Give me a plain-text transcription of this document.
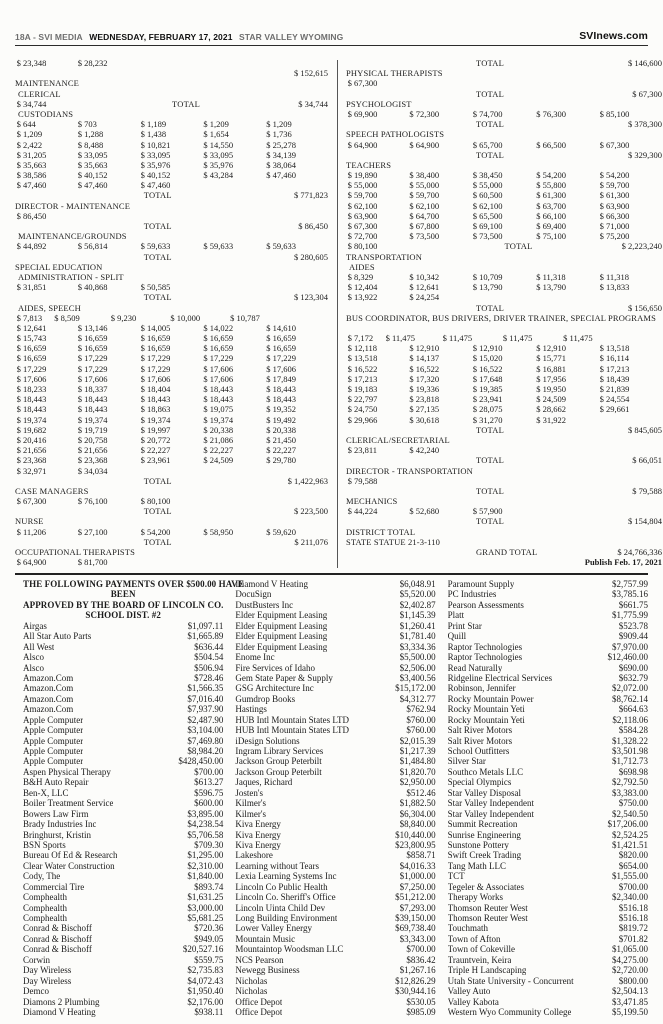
18A - SVI MEDIA WEDNESDAY, FEBRUARY 17, 2021 STAR VALLEY WYOMING	SVInews.com
$ 23,348	$ 28,232
$ 152,615
MAINTENANCE
CLERICAL
$ 34,744	TOTAL	$ 34,744
CUSTODIANS
$ 644	$ 703	$ 1,189	$ 1,209	$ 1,209
$ 1,209	$ 1,288	$ 1,438	$ 1,654	$ 1,736
$ 2,422	$ 8,488	$ 10,821	$ 14,550	$ 25,278
$ 31,205	$ 33,095	$ 33,095	$ 33,095	$ 34,139
$ 35,663	$ 35,663	$ 35,976	$ 35,976	$ 38,064
$ 38,586	$ 40,152	$ 40,152	$ 43,284	$ 47,460
$ 47,460	$ 47,460	$ 47,460
TOTAL	$ 771,823
DIRECTOR - MAINTENANCE
$ 86,450
TOTAL	$ 86,450
MAINTENANCE/GROUNDS
$ 44,892	$ 56,814	$ 59,633	$ 59,633	$ 59,633
TOTAL	$ 280,605
SPECIAL EDUCATION
ADMINISTRATION - SPLIT
$ 31,851	$ 40,868	$ 50,585
TOTAL	$ 123,304
AIDES, SPEECH
$ 7,813 $ 8,509	$ 9,230	$ 10,000	$ 10,787
$ 12,641	$ 13,146	$ 14,005	$ 14,022	$ 14,610
$ 15,743	$ 16,659	$ 16,659	$ 16,659	$ 16,659
$ 16,659	$ 16,659	$ 16,659	$ 16,659	$ 16,659
$ 16,659	$ 17,229	$ 17,229	$ 17,229	$ 17,229
$ 17,229	$ 17,229	$ 17,229	$ 17,606	$ 17,606
$ 17,606	$ 17,606	$ 17,606	$ 17,606	$ 17,849
$ 18,233	$ 18,337	$ 18,404	$ 18,443	$ 18,443
$ 18,443	$ 18,443	$ 18,443	$ 18,443	$ 18,443
$ 18,443	$ 18,443	$ 18,863	$ 19,075	$ 19,352
$ 19,374	$ 19,374	$ 19,374	$ 19,374	$ 19,492
$ 19,682	$ 19,719	$ 19,997	$ 20,338	$ 20,338
$ 20,416	$ 20,758	$ 20,772	$ 21,086	$ 21,450
$ 21,656	$ 21,656	$ 22,227	$ 22,227	$ 22,227
$ 23,368	$ 23,368	$ 23,961	$ 24,509	$ 29,780
$ 32,971	$ 34,034
TOTAL	$ 1,422,963
CASE MANAGERS
$ 67,300	$ 76,100	$ 80,100
TOTAL	$ 223,500
NURSE
$ 11,206	$ 27,100	$ 54,200	$ 58,950	$ 59,620
TOTAL	$ 211,076
OCCUPATIONAL THERAPISTS
$ 64,900	$ 81,700
TOTAL	$ 146,600
PHYSICAL THERAPISTS
$ 67,300
TOTAL	$ 67,300
PSYCHOLOGIST
$ 69,900	$ 72,300	$ 74,700	$ 76,300	$ 85,100
TOTAL	$ 378,300
SPEECH PATHOLOGISTS
$ 64,900	$ 64,900	$ 65,700	$ 66,500	$ 67,300
TOTAL	$ 329,300
TEACHERS
$ 19,890	$ 38,400	$ 38,450	$ 54,200	$ 54,200
$ 55,000	$ 55,000	$ 55,000	$ 55,800	$ 59,700
$ 59,700	$ 59,700	$ 60,500	$ 61,300	$ 61,300
$ 62,100	$ 62,100	$ 62,100	$ 63,700	$ 63,900
$ 63,900	$ 64,700	$ 65,500	$ 66,100	$ 66,300
$ 67,300	$ 67,800	$ 69,100	$ 69,400	$ 71,000
$ 72,700	$ 73,500	$ 73,500	$ 75,100	$ 75,200
$ 80,100	TOTAL	$ 2,223,240
TRANSPORTATION
AIDES
$ 8,329	$ 10,342	$ 10,709	$ 11,318	$ 11,318
$ 12,404	$ 12,641	$ 13,790	$ 13,790	$ 13,833
$ 13,922	$ 24,254
TOTAL	$ 156,650
BUS COORDINATOR, BUS DRIVERS, DRIVER TRAINER, SPECIAL PROGRAMS
$ 7,172 $ 11,475	$ 11,475	$ 11,475	$ 11,475
$ 12,118	$ 12,910	$ 12,910	$ 12,910	$ 13,518
$ 13,518	$ 14,137	$ 15,020	$ 15,771	$ 16,114
$ 16,522	$ 16,522	$ 16,522	$ 16,881	$ 17,213
$ 17,213	$ 17,320	$ 17,648	$ 17,956	$ 18,439
$ 19,183	$ 19,336	$ 19,385	$ 19,950	$ 21,839
$ 22,797	$ 23,818	$ 23,941	$ 24,509	$ 24,554
$ 24,750	$ 27,135	$ 28,075	$ 28,662	$ 29,661
$ 29,966	$ 30,618	$ 31,270	$ 31,922
TOTAL	$ 845,605
CLERICAL/SECRETARIAL
$ 23,811	$ 42,240
TOTAL	$ 66,051
DIRECTOR - TRANSPORTATION
$ 79,588
TOTAL	$ 79,588
MECHANICS
$ 44,224	$ 52,680	$ 57,900
TOTAL	$ 154,804
DISTRICT TOTAL
STATE STATUE 21-3-110
GRAND TOTAL	$ 24,766,336
Publish Feb. 17, 2021
THE FOLLOWING PAYMENTS OVER $500.00 HAVE
BEEN
APPROVED BY THE BOARD OF LINCOLN CO.
SCHOOL DIST. #2
Airgas	$1,097.11
All Star Auto Parts	$1,665.89
All West	$636.44
Alsco	$504.54
Alsco	$506.94
Amazon.Com	$728.46
Amazon.Com	$1,566.35
Amazon.Com	$7,016.40
Amazon.Com	$7,937.90
Apple Computer	$2,487.90
Apple Computer	$3,104.00
Apple Computer	$7,469.80
Apple Computer	$8,984.20
Apple Computer	$428,450.00
Aspen Physical Therapy	$700.00
B&H Auto Repair	$613.27
Ben-X, LLC	$596.75
Boiler Treatment Service	$600.00
Bowers Law Firm	$3,895.00
Brady Industries Inc	$4,238.54
Bringhurst, Kristin	$5,706.58
BSN Sports	$709.30
Bureau Of Ed & Research	$1,295.00
Clear Water Construction	$2,310.00
Cody, The	$1,840.00
Commercial Tire	$893.74
Comphealth	$1,631.25
Comphealth	$3,000.00
Comphealth	$5,681.25
Conrad & Bischoff	$720.36
Conrad & Bischoff	$949.05
Conrad & Bischoff	$20,527.16
Corwin	$559.75
Day Wireless	$2,735.83
Day Wireless	$4,072.43
Demco	$1,950.40
Diamons 2 Plumbing	$2,176.00
Diamond V Heating	$938.11
Diamond V Heating	$6,048.91
DocuSign	$5,520.00
DustBusters Inc	$2,402.87
Elder Equipment Leasing	$1,145.39
Elder Equipment Leasing	$1,260.41
Elder Equipment Leasing	$1,781.40
Elder Equipment Leasing	$3,334.36
Enome Inc	$5,500.00
Fire Services of Idaho	$2,506.00
Gem State Paper & Supply	$3,400.56
GSG Architecture Inc	$15,172.00
Gumdrop Books	$4,312.77
Hastings	$762.94
HUB Intl Mountain States LTD	$760.00
HUB Intl Mountain States LTD	$760.00
iDesign Solutions	$2,015.39
Ingram Library Services	$1,217.39
Jackson Group Peterbilt	$1,484.80
Jackson Group Peterbilt	$1,820.70
Jaques, Richard	$2,950.00
Josten's	$512.46
Kilmer's	$1,882.50
Kilmer's	$6,304.00
Kiva Energy	$8,840.00
Kiva Energy	$10,440.00
Kiva Energy	$23,800.95
Lakeshore	$858.71
Learning without Tears	$4,016.33
Lexia Learning Systems Inc	$1,000.00
Lincoln Co Public Health	$7,250.00
Lincoln Co. Sheriff's Office	$51,212.00
Lincoln Uinta Child Dev	$7,293.00
Long Building Environment	$39,150.00
Lower Valley Energy	$69,738.40
Mountain Music	$3,343.00
Mountaintop Woodsman LLC	$700.00
NCS Pearson	$836.42
Newegg Business	$1,267.16
Nicholas	$12,826.29
Nicholas	$30,944.16
Office Depot	$530.05
Office Depot	$985.09
Paramount Supply	$2,757.99
PC Industries	$3,785.16
Pearson Assessments	$661.75
Platt	$1,775.99
Print Star	$523.78
Quill	$909.44
Raptor Technologies	$7,970.00
Raptor Technologies	$12,460.00
Read Naturally	$690.00
Ridgeline Electrical Services	$632.79
Robinson, Jennifer	$2,072.00
Rocky Mountain Power	$8,762.14
Rocky Mountain Yeti	$664.63
Rocky Mountain Yeti	$2,118.06
Salt River Motors	$584.28
Salt River Motors	$1,328.22
School Outfitters	$3,501.98
Silver Star	$1,712.73
Southco Metals LLC	$698.98
Special Olympics	$2,792.50
Star Valley Disposal	$3,383.00
Star Valley Independent	$750.00
Star Valley Independent	$2,540.50
Summit Recreation	$17,206.00
Sunrise Engineering	$2,524.25
Sunstone Pottery	$1,421.51
Swift Creek Trading	$820.00
Tang Math LLC	$654.00
TCT	$1,555.00
Tegeler & Associates	$700.00
Therapy Works	$2,340.00
Thomson Reuter West	$516.18
Thomson Reuter West	$516.18
Touchmath	$819.72
Town of Afton	$701.82
Town of Cokeville	$1,065.00
Trauntvein, Keira	$4,275.00
Triple H Landscaping	$2,720.00
Utah State University - Concurrent	$800.00
Valley Auto	$2,504.13
Valley Kabota	$3,471.85
Western Wyo Community College	$5,199.50
